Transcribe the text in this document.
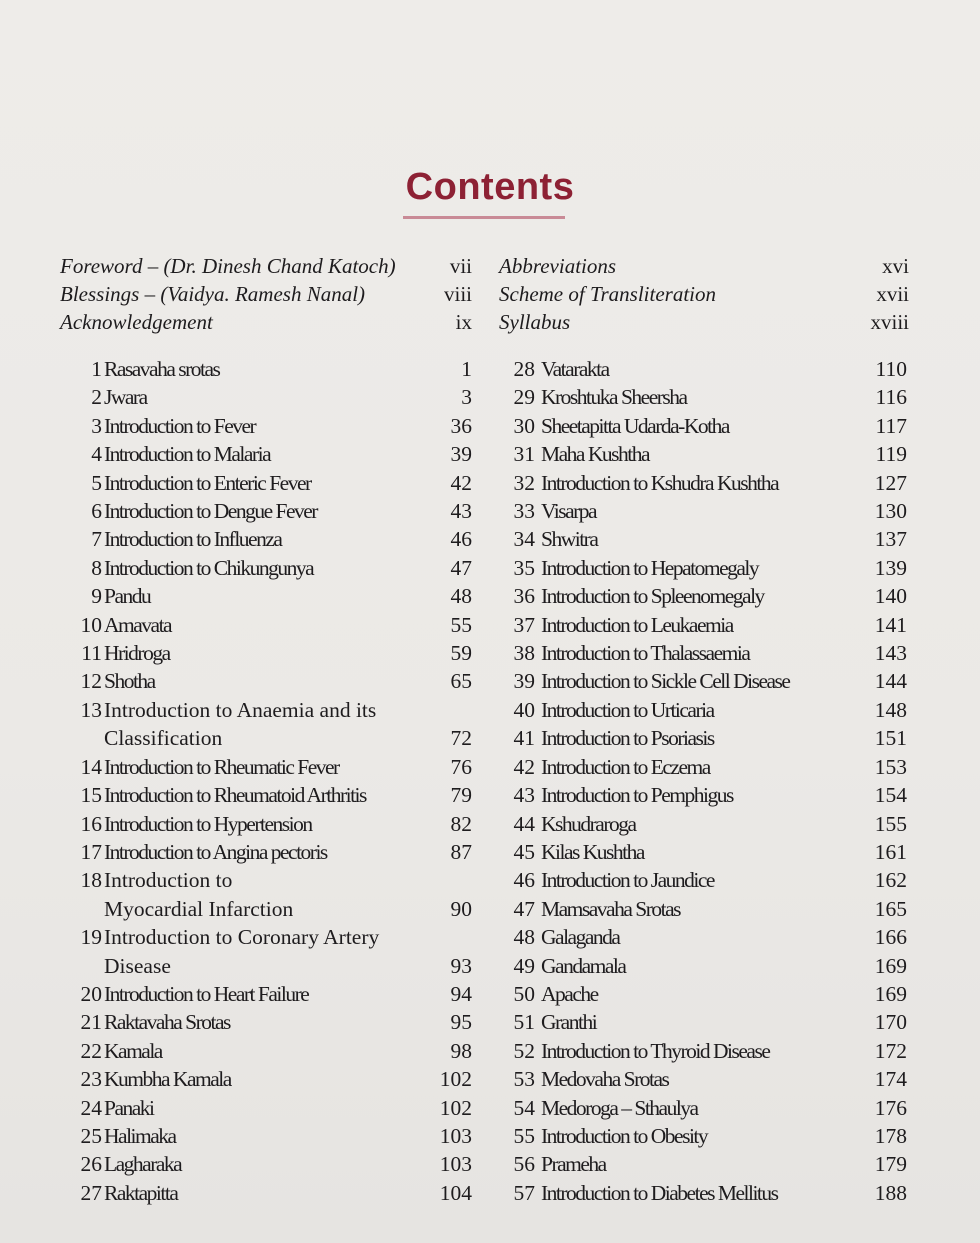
Contents
Foreword – (Dr. Dinesh Chand Katoch)	vii
Blessings – (Vaidya. Ramesh Nanal)	viii
Acknowledgement	ix
Abbreviations	xvi
Scheme of Transliteration	xvii
Syllabus	xviii
1 Rasavaha srotas	1
2 Jwara	3
3 Introduction to Fever	36
4 Introduction to Malaria	39
5 Introduction to Enteric Fever	42
6 Introduction to Dengue Fever	43
7 Introduction to Influenza	46
8 Introduction to Chikungunya	47
9 Pandu	48
10 Amavata	55
11 Hridroga	59
12 Shotha	65
13 Introduction to Anaemia and its
Classification	72
14 Introduction to Rheumatic Fever	76
15 Introduction to Rheumatoid Arthritis	79
16 Introduction to Hypertension	82
17 Introduction to Angina pectoris	87
18 Introduction to
Myocardial Infarction	90
19 Introduction to Coronary Artery
Disease	93
20 Introduction to Heart Failure	94
21 Raktavaha Srotas	95
22 Kamala	98
23 Kumbha Kamala	102
24 Panaki	102
25 Halimaka	103
26 Lagharaka	103
27 Raktapitta	104
28 Vatarakta	110
29 Kroshtuka Sheersha	116
30 Sheetapitta Udarda-Kotha	117
31 Maha Kushtha	119
32 Introduction to Kshudra Kushtha	127
33 Visarpa	130
34 Shwitra	137
35 Introduction to Hepatomegaly	139
36 Introduction to Spleenomegaly	140
37 Introduction to Leukaemia	141
38 Introduction to Thalassaemia	143
39 Introduction to Sickle Cell Disease	144
40 Introduction to Urticaria	148
41 Introduction to Psoriasis	151
42 Introduction to Eczema	153
43 Introduction to Pemphigus	154
44 Kshudraroga	155
45 Kilas Kushtha	161
46 Introduction to Jaundice	162
47 Mamsavaha Srotas	165
48 Galaganda	166
49 Gandamala	169
50 Apache	169
51 Granthi	170
52 Introduction to Thyroid Disease	172
53 Medovaha Srotas	174
54 Medoroga – Sthaulya	176
55 Introduction to Obesity	178
56 Prameha	179
57 Introduction to Diabetes Mellitus	188
